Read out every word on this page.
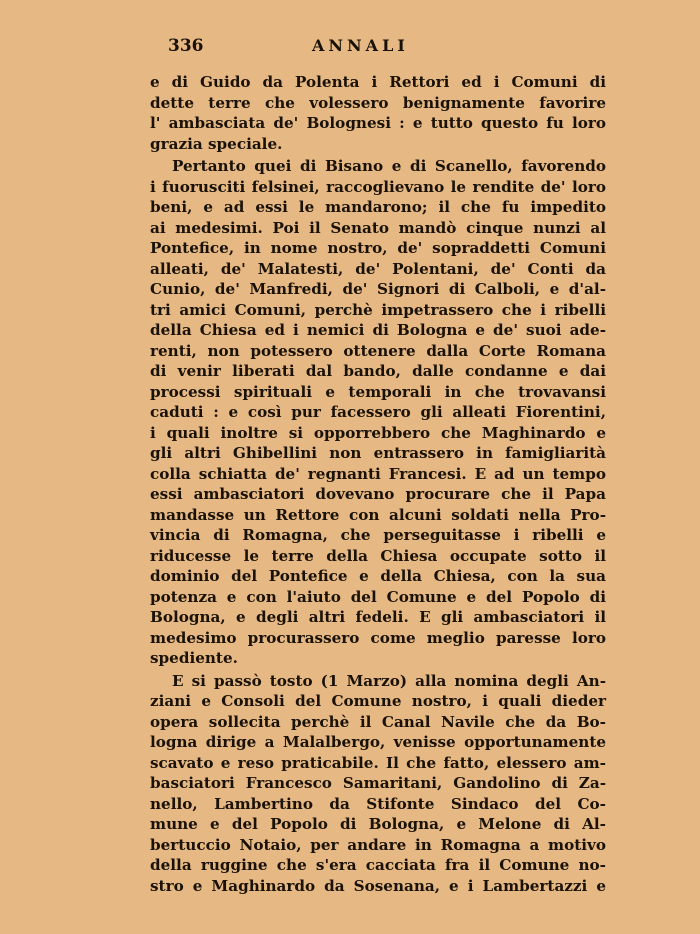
336	ANNALI
e di Guido da Polenta i Rettori ed i Comuni di
dette terre che volessero benignamente favorire
l' ambasciata de' Bolognesi : e tutto questo fu loro
grazia speciale.
Pertanto quei di Bisano e di Scanello, favorendo
i fuorusciti felsinei, raccoglievano le rendite de' loro
beni, e ad essi le mandarono; il che fu impedito
ai medesimi. Poi il Senato mandò cinque nunzi al
Pontefice, in nome nostro, de' sopraddetti Comuni
alleati, de' Malatesti, de' Polentani, de' Conti da
Cunio, de' Manfredi, de' Signori di Calboli, e d'al-
tri amici Comuni, perchè impetrassero che i ribelli
della Chiesa ed i nemici di Bologna e de' suoi ade-
renti, non potessero ottenere dalla Corte Romana
di venir liberati dal bando, dalle condanne e dai
processi spirituali e temporali in che trovavansi
caduti : e così pur facessero gli alleati Fiorentini,
i quali inoltre si opporrebbero che Maghinardo e
gli altri Ghibellini non entrassero in famigliarità
colla schiatta de' regnanti Francesi. E ad un tempo
essi ambasciatori dovevano procurare che il Papa
mandasse un Rettore con alcuni soldati nella Pro-
vincia di Romagna, che perseguitasse i ribelli e
riducesse le terre della Chiesa occupate sotto il
dominio del Pontefice e della Chiesa, con la sua
potenza e con l'aiuto del Comune e del Popolo di
Bologna, e degli altri fedeli. E gli ambasciatori il
medesimo procurassero come meglio paresse loro
spediente.
E si passò tosto (1 Marzo) alla nomina degli An-
ziani e Consoli del Comune nostro, i quali dieder
opera sollecita perchè il Canal Navile che da Bo-
logna dirige a Malalbergo, venisse opportunamente
scavato e reso praticabile. Il che fatto, elessero am-
basciatori Francesco Samaritani, Gandolino di Za-
nello, Lambertino da Stifonte Sindaco del Co-
mune e del Popolo di Bologna, e Melone di Al-
bertuccio Notaio, per andare in Romagna a motivo
della ruggine che s'era cacciata fra il Comune no-
stro e Maghinardo da Sosenana, e i Lambertazzi e
